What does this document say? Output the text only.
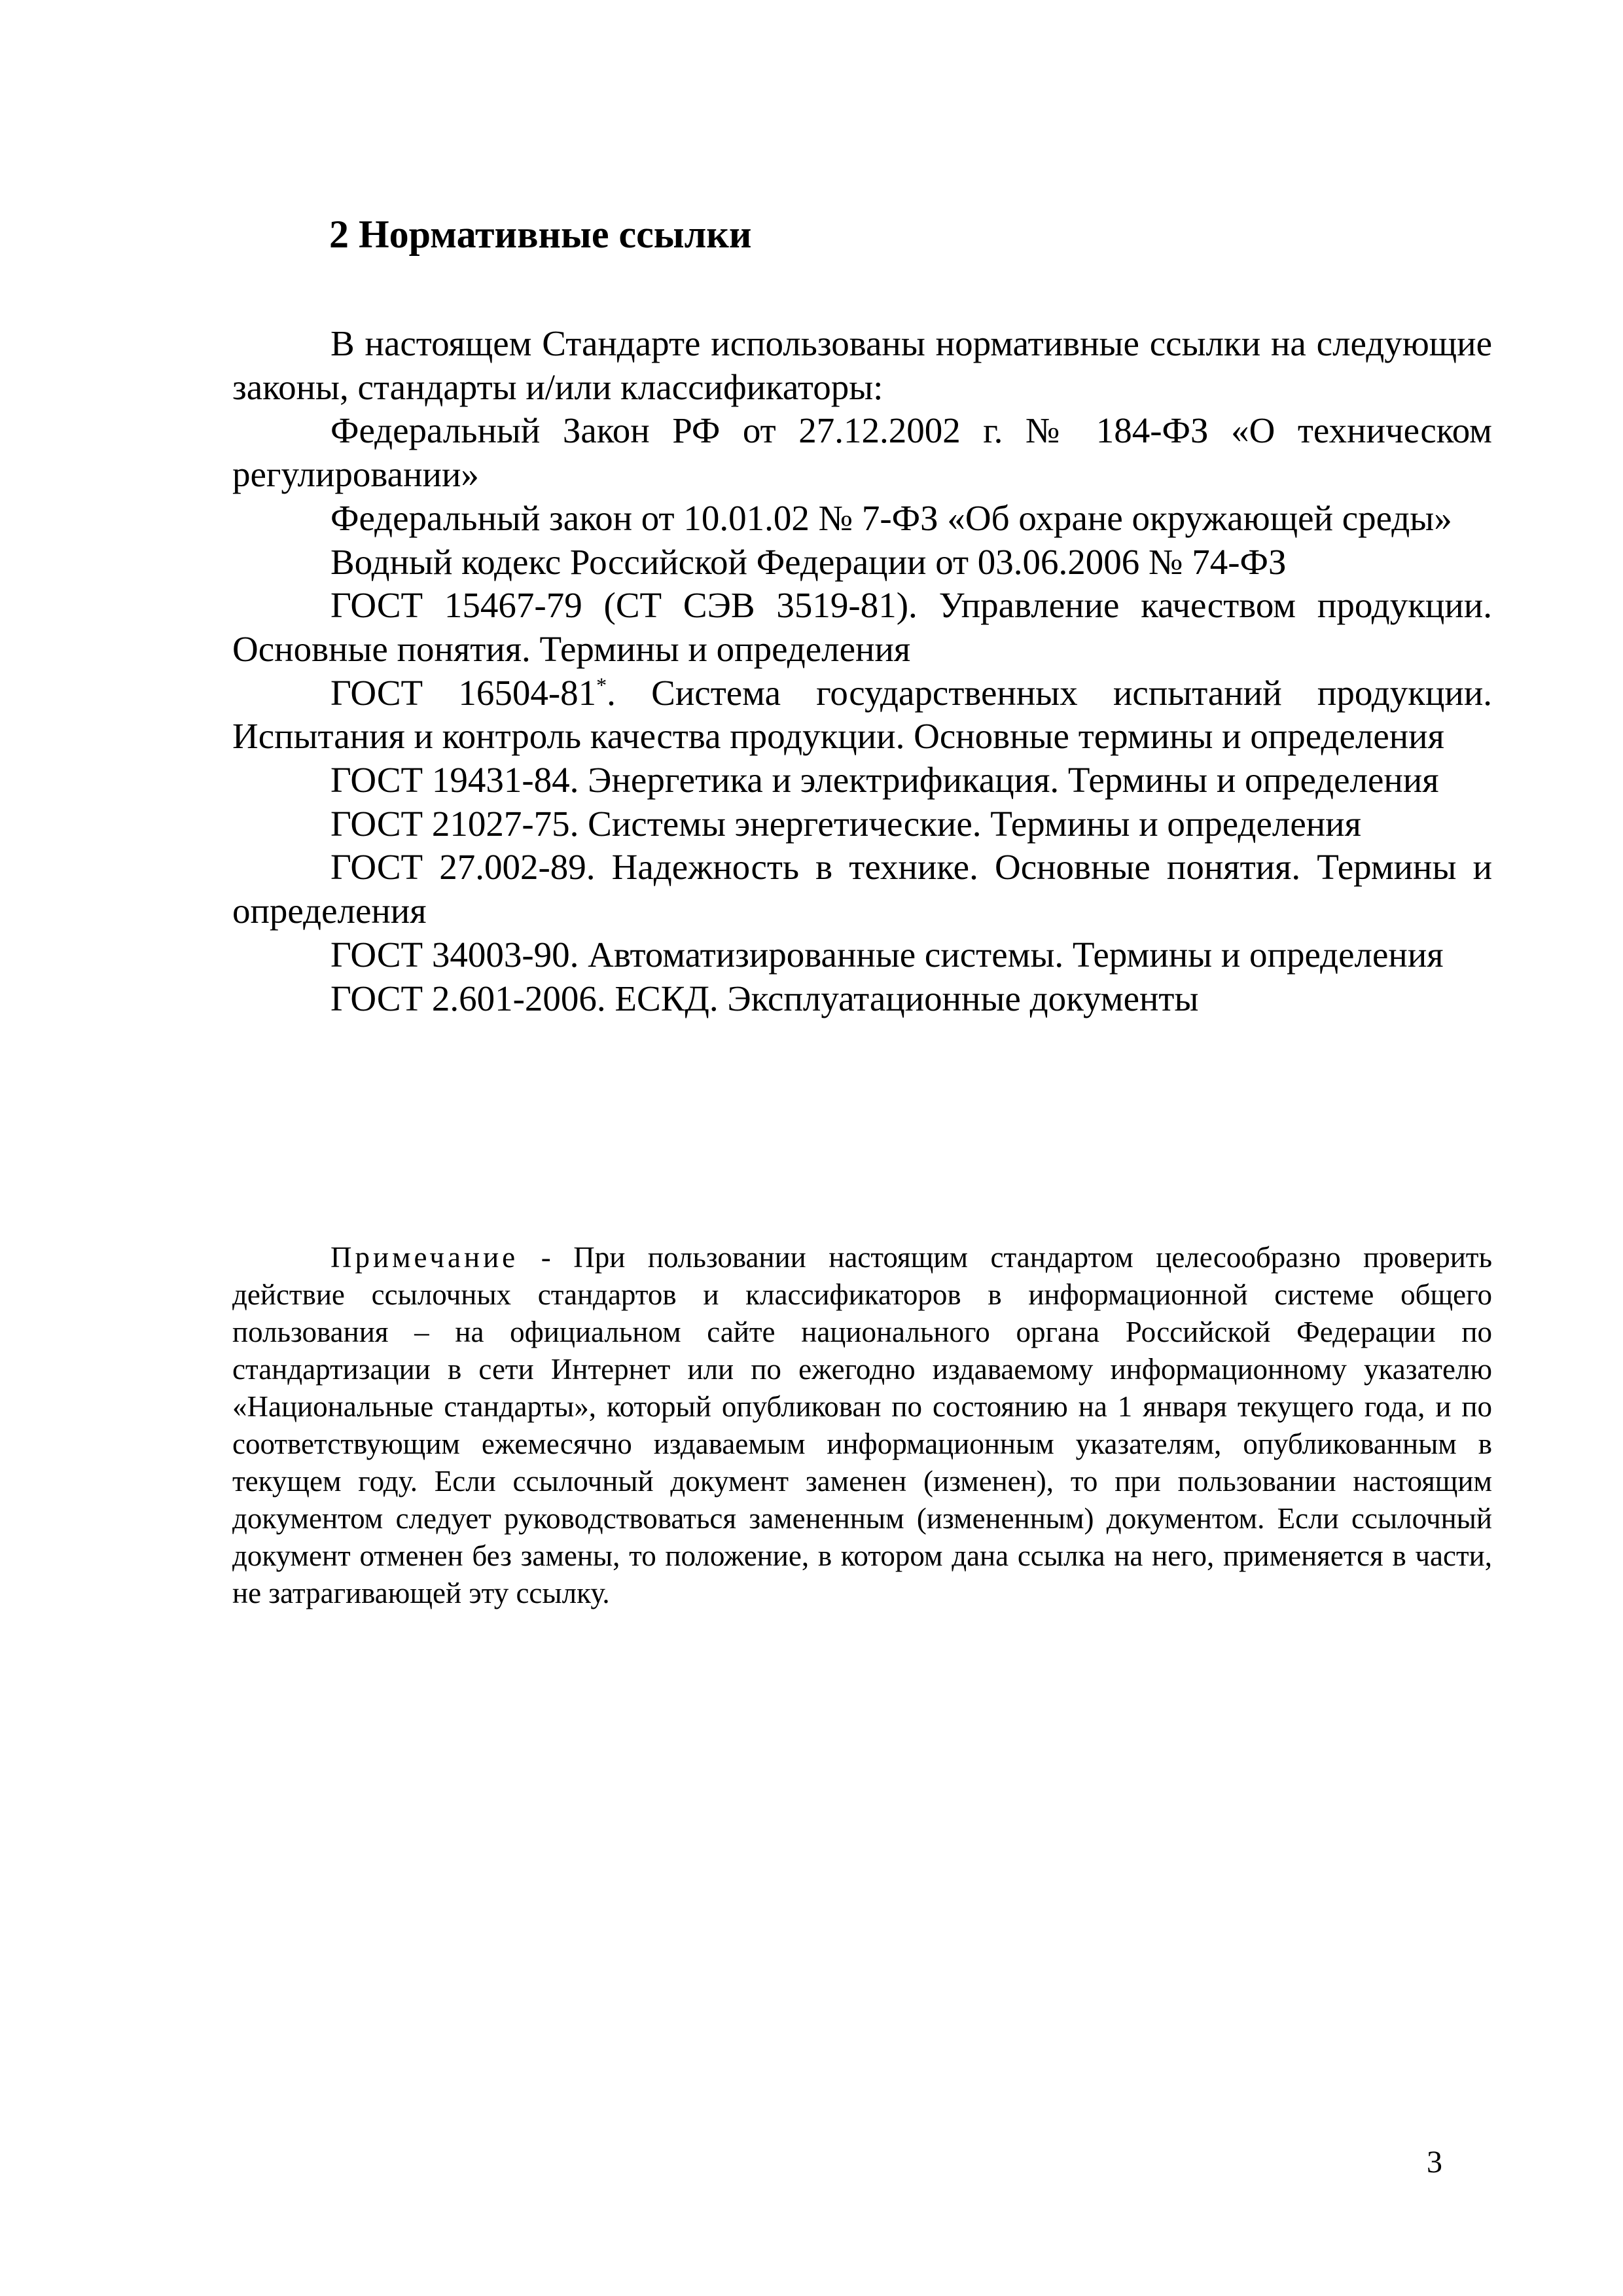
2 Нормативные ссылки

В настоящем Стандарте использованы нормативные ссылки на следующие законы, стандарты и/или классификаторы:

Федеральный Закон РФ от 27.12.2002 г. № 184-ФЗ «О техническом регулировании»

Федеральный закон от 10.01.02 № 7-ФЗ «Об охране окружающей среды»

Водный кодекс Российской Федерации от 03.06.2006 № 74-ФЗ

ГОСТ 15467-79 (СТ СЭВ 3519-81). Управление качеством продукции. Основные понятия. Термины и определения

ГОСТ 16504-81*. Система государственных испытаний продукции. Испытания и контроль качества продукции. Основные термины и определения

ГОСТ 19431-84. Энергетика и электрификация. Термины и определения

ГОСТ 21027-75. Системы энергетические. Термины и определения

ГОСТ 27.002-89. Надежность в технике. Основные понятия. Термины и определения

ГОСТ 34003-90. Автоматизированные системы. Термины и определения

ГОСТ 2.601-2006. ЕСКД. Эксплуатационные документы

Примечание - При пользовании настоящим стандартом целесообразно проверить действие ссылочных стандартов и классификаторов в информационной системе общего пользования – на официальном сайте национального органа Российской Федерации по стандартизации в сети Интернет или по ежегодно издаваемому информационному указателю «Национальные стандарты», который опубликован по состоянию на 1 января текущего года, и по соответствующим ежемесячно издаваемым информационным указателям, опубликованным в текущем году. Если ссылочный документ заменен (изменен), то при пользовании настоящим документом следует руководствоваться замененным (измененным) документом. Если ссылочный документ отменен без замены, то положение, в котором дана ссылка на него, применяется в части, не затрагивающей эту ссылку.

3
